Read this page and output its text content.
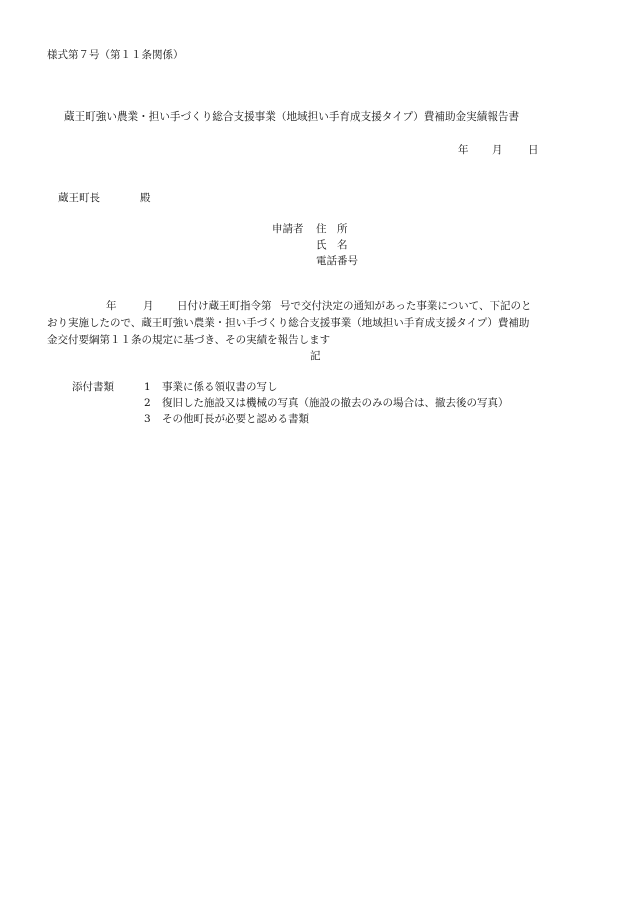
様式第７号（第１１条関係）
蔵王町強い農業・担い手づくり総合支援事業（地域担い手育成支援タイプ）費補助金実績報告書
年 月 日
蔵王町長	殿
申請者 住　所
氏　名
電話番号
年	月 日付け蔵王町指令第 号で交付決定の通知があった事業について、下記のと
おり実施したので、蔵王町強い農業・担い手づくり総合支援事業（地域担い手育成支援タイプ）費補助
金交付要綱第１１条の規定に基づき、その実績を報告します
記
添付書類	1 事業に係る領収書の写し
2 復旧した施設又は機械の写真（施設の撤去のみの場合は、撤去後の写真）
3 その他町長が必要と認める書類
